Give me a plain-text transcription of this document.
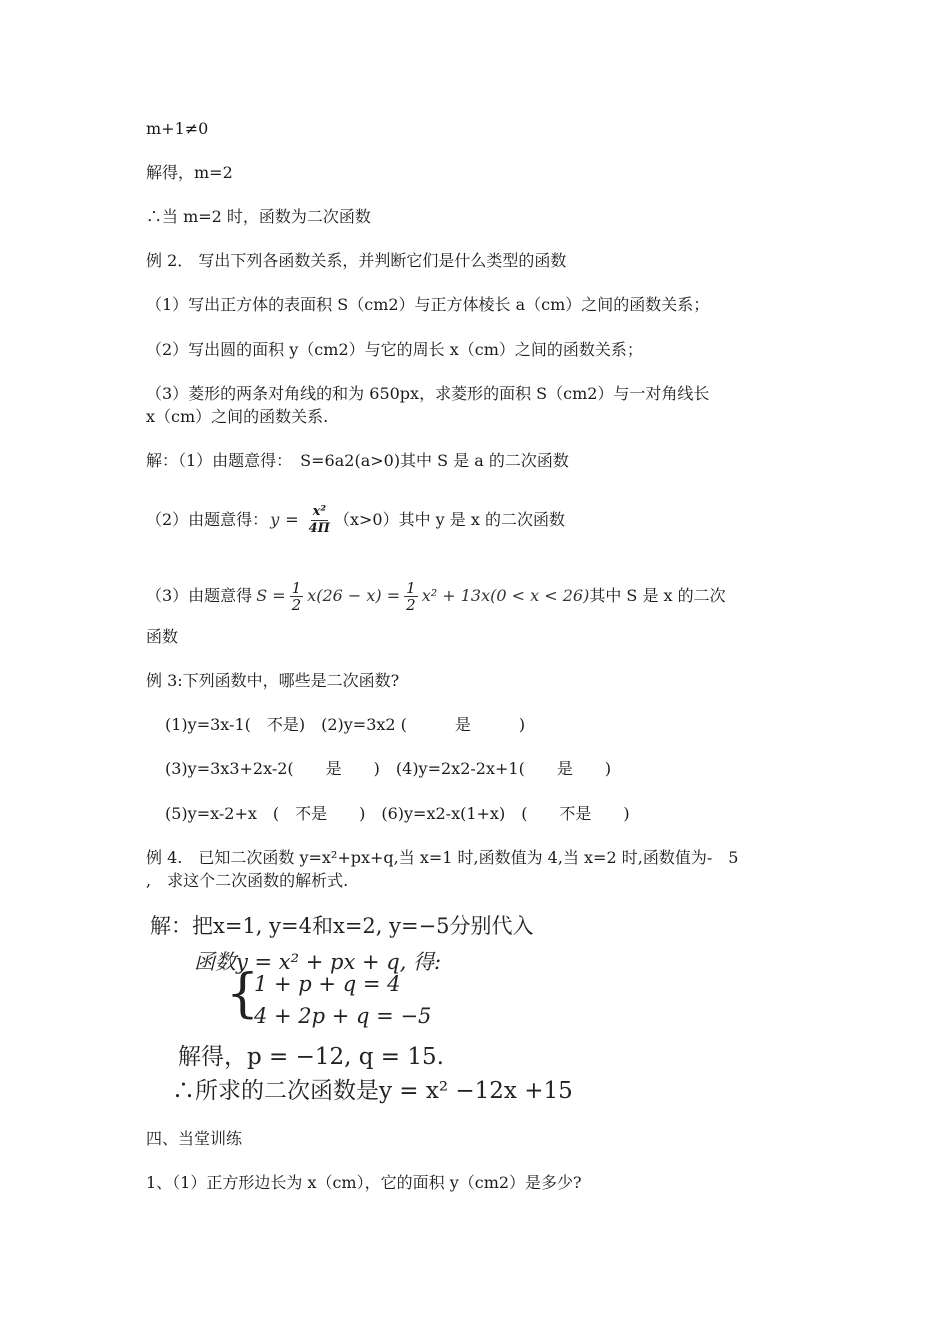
m+1≠0
解得，m=2
∴当 m=2 时，函数为二次函数
例 2． 写出下列各函数关系，并判断它们是什么类型的函数
（1）写出正方体的表面积 S（cm2）与正方体棱长 a（cm）之间的函数关系；
（2）写出圆的面积 y（cm2）与它的周长 x（cm）之间的函数关系；
（3）菱形的两条对角线的和为 650px，求菱形的面积 S（cm2）与一对角线长
x（cm）之间的函数关系.
解：（1）由题意得：　S=6a2(a>0)其中 S 是 a 的二次函数
（2）由题意得： $y = \frac{\text{x²}}{4\Pi} (x>0)$其中 y 是 x 的二次函数
（3）由题意得 $S = \frac{1}{2} x(26 - x) = \frac{1}{2} x^2 + 13x(0 < x < 26)$ 其中 S 是 x 的二次
函数
例 3:下列函数中，哪些是二次函数?
(1)y=3x-1(　不是)　(2)y=3x2 (　　　是　　　)
(3)y=3x3+2x-2(　　是　　)　(4)y=2x2-2x+1(　　是　　)
(5)y=x-2+x　(　不是　　)　(6)y=x2-x(1+x)　(　　不是　　)
例 4.　已知二次函数 y=x²+px+q,当 x=1 时,函数值为 4,当 x=2 时,函数值为-　5
,　求这个二次函数的解析式.
解：把x=1, y=4和x=2, y=−5分别代入
函数y = x² + px + q, 得:
{
1 + p + q = 4
4 + 2p + q = −5
解得，p = −12, q = 15.
∴所求的二次函数是y = x² −12x +15
四、当堂训练
1、（1）正方形边长为 x（cm），它的面积 y（cm2）是多少?
